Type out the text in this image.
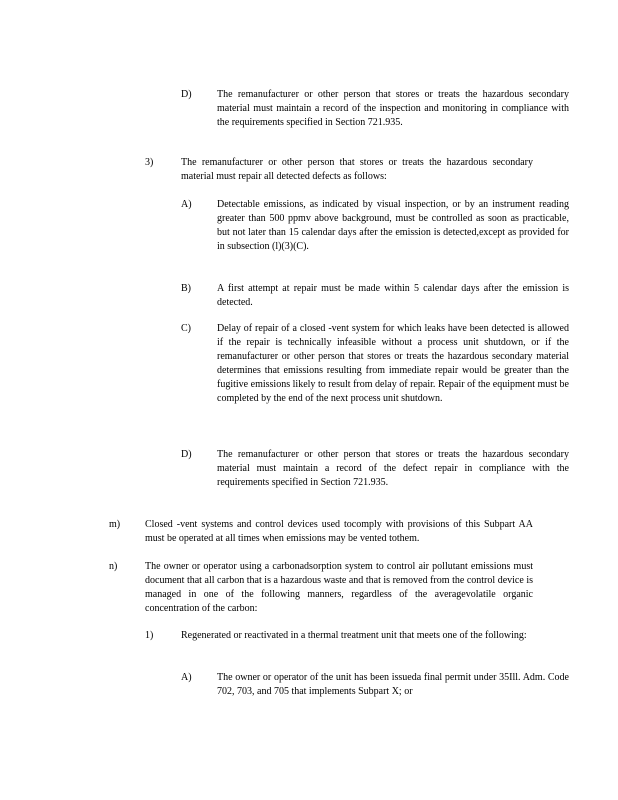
D)	The remanufacturer or other person that stores or treats the hazardous secondary material must maintain a record of the inspection and monitoring in compliance with the requirements specified in Section 721.935.
3)	The remanufacturer or other person that stores or treats the hazardous secondary material must repair all detected defects as follows:
A)	Detectable emissions, as indicated by visual inspection, or by an instrument reading greater than 500 ppmv above background, must be controlled as soon as practicable, but not later than 15 calendar days after the emission is detected,except as provided for in subsection (l)(3)(C).
B)	A first attempt at repair must be made within 5 calendar days after the emission is detected.
C)	Delay of repair of a closed -vent system for which leaks have been detected is allowed if the repair is technically infeasible without a process unit shutdown, or if the remanufacturer or other person that stores or treats the hazardous secondary material determines that emissions resulting from immediate repair would be greater than the fugitive emissions likely to result from delay of repair. Repair of the equipment must be completed by the end of the next process unit shutdown.
D)	The remanufacturer or other person that stores or treats the hazardous secondary material must maintain a record of the defect repair in compliance with the requirements specified in Section 721.935.
m) Closed -vent systems and control devices used tocomply with provisions of this Subpart AA must be operated at all times when emissions may be vented tothem.
n)	The owner or operator using a carbonadsorption system to control air pollutant emissions must document that all carbon that is a hazardous waste and that is removed from the control device is managed in one of the following manners, regardless of the averagevolatile organic concentration of the carbon:
1)	Regenerated or reactivated in a thermal treatment unit that meets one of the following:
A)	The owner or operator of the unit has been issueda final permit under 35Ill. Adm. Code 702, 703, and 705 that implements Subpart X; or
